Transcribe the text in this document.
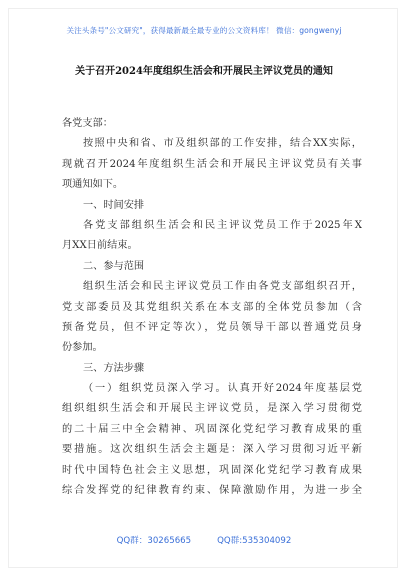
关注头条号"公文研究"，获得最新最全最专业的公文资料库！ 微信：gongwenyj
关于召开2024年度组织生活会和开展民主评议党员的通知
各党支部：
按照中央和省、市及组织部的工作安排，结合XX实际，
现就召开2024年度组织生活会和开展民主评议党员有关事
项通知如下。
一、时间安排
各党支部组织生活会和民主评议党员工作于2025年X
月XX日前结束。
二、参与范围
组织生活会和民主评议党员工作由各党支部组织召开，
党支部委员及其党组织关系在本支部的全体党员参加（含
预备党员，但不评定等次），党员领导干部以普通党员身
份参加。
三、方法步骤
（一）组织党员深入学习。认真开好2024年度基层党
组织组织生活会和开展民主评议党员，是深入学习贯彻党
的二十届三中全会精神、巩固深化党纪学习教育成果的重
要措施。这次组织生活会主题是：深入学习贯彻习近平新
时代中国特色社会主义思想，巩固深化党纪学习教育成果
综合发挥党的纪律教育约束、保障激励作用，为进一步全
QQ群：30265665	QQ群:535304092
